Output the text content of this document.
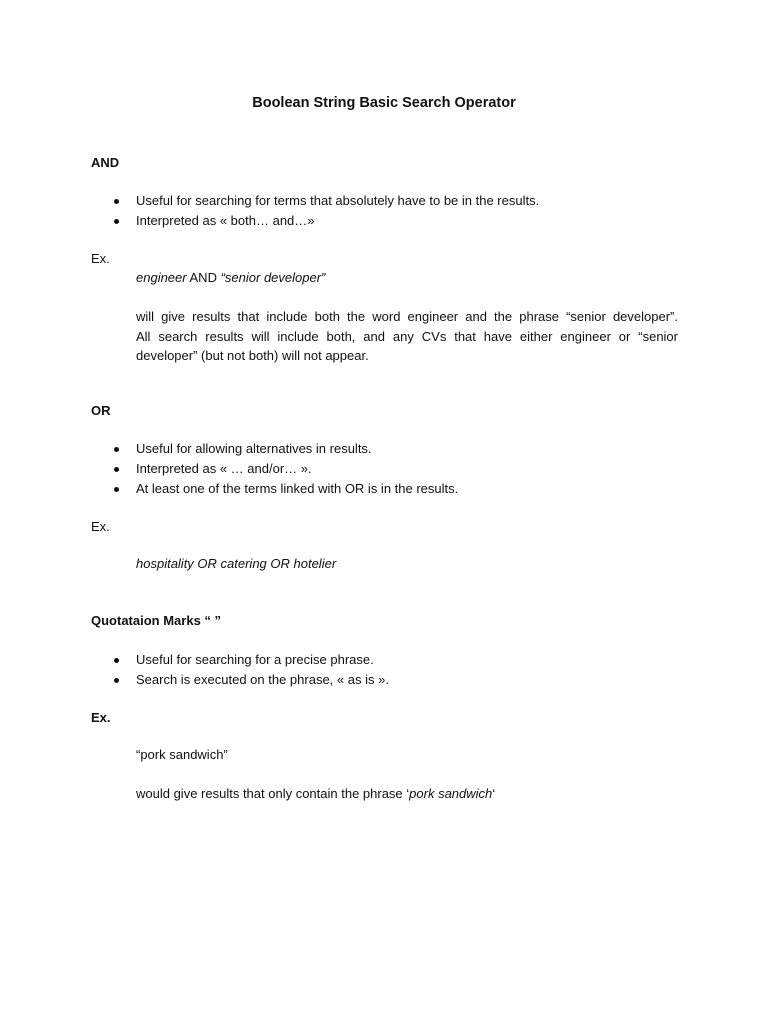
Boolean String Basic Search Operator
AND
Useful for searching for terms that absolutely have to be in the results.
Interpreted as « both… and…»
Ex.
engineer AND “senior developer”
will give results that include both the word engineer and the phrase “senior developer”.
All search results will include both, and any CVs that have either engineer or “senior
developer” (but not both) will not appear.
OR
Useful for allowing alternatives in results.
Interpreted as « … and/or… ».
At least one of the terms linked with OR is in the results.
Ex.
hospitality OR catering OR hotelier
Quotataion Marks “ ”
Useful for searching for a precise phrase.
Search is executed on the phrase, « as is ».
Ex.
“pork sandwich”
would give results that only contain the phrase ‘pork sandwich‘
